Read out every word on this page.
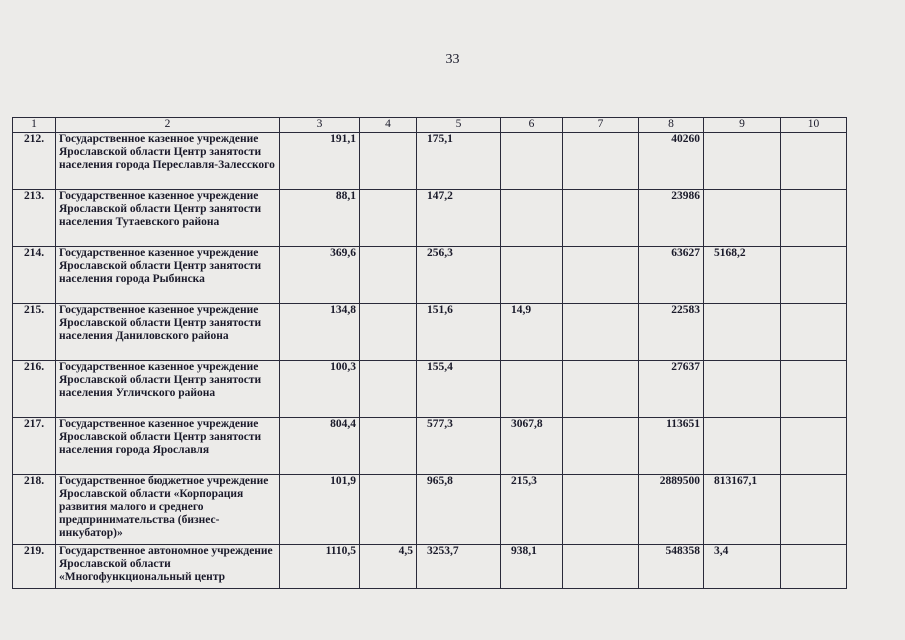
33
1	2	3	4	5	6	7	8	9	10
212.	Государственное казенное учреждение Ярославской области Центр занятости населения города Переславля-Залесского	191,1		175,1			40260		
213.	Государственное казенное учреждение Ярославской области Центр занятости населения Тутаевского района	88,1		147,2			23986		
214.	Государственное казенное учреждение Ярославской области Центр занятости населения города Рыбинска	369,6		256,3			63627	5168,2	
215.	Государственное казенное учреждение Ярославской области Центр занятости населения Даниловского района	134,8		151,6	14,9		22583		
216.	Государственное казенное учреждение Ярославской области Центр занятости населения Угличского района	100,3		155,4			27637		
217.	Государственное казенное учреждение Ярославской области Центр занятости населения города Ярославля	804,4		577,3	3067,8		113651		
218.	Государственное бюджетное учреждение Ярославской области «Корпорация развития малого и среднего предпринимательства (бизнес-инкубатор)»	101,9		965,8	215,3		2889500	813167,1	
219.	Государственное автономное учреждение Ярославской области «Многофункциональный центр	1110,5	4,5	3253,7	938,1		548358	3,4	
